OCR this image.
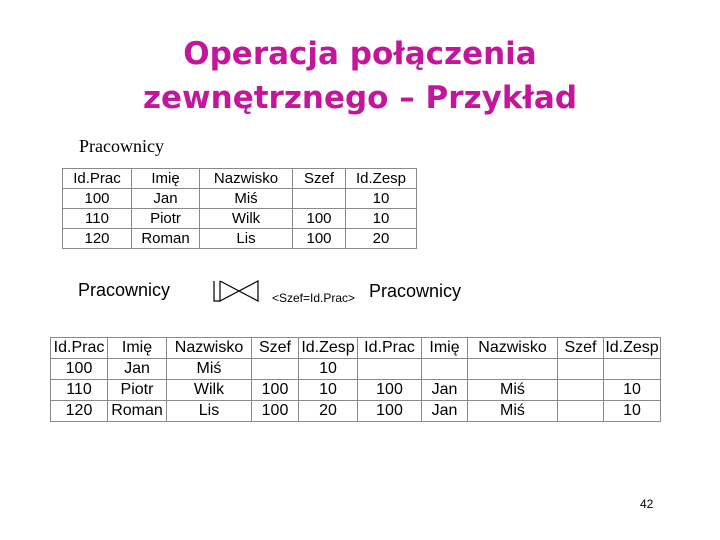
Operacja połączenia
zewnętrznego – Przykład
Pracownicy
Id.Prac	Imię	Nazwisko	Szef	Id.Zesp
100	Jan	Miś		10
110	Piotr	Wilk	100	10
120	Roman	Lis	100	20
Pracownicy	<Szef=Id.Prac> Pracownicy
Id.Prac	Imię	Nazwisko	Szef	Id.Zesp	Id.Prac	Imię	Nazwisko	Szef	Id.Zesp
100	Jan	Miś		10					
110	Piotr	Wilk	100	10	100	Jan	Miś		10
120	Roman	Lis	100	20	100	Jan	Miś		10
42
